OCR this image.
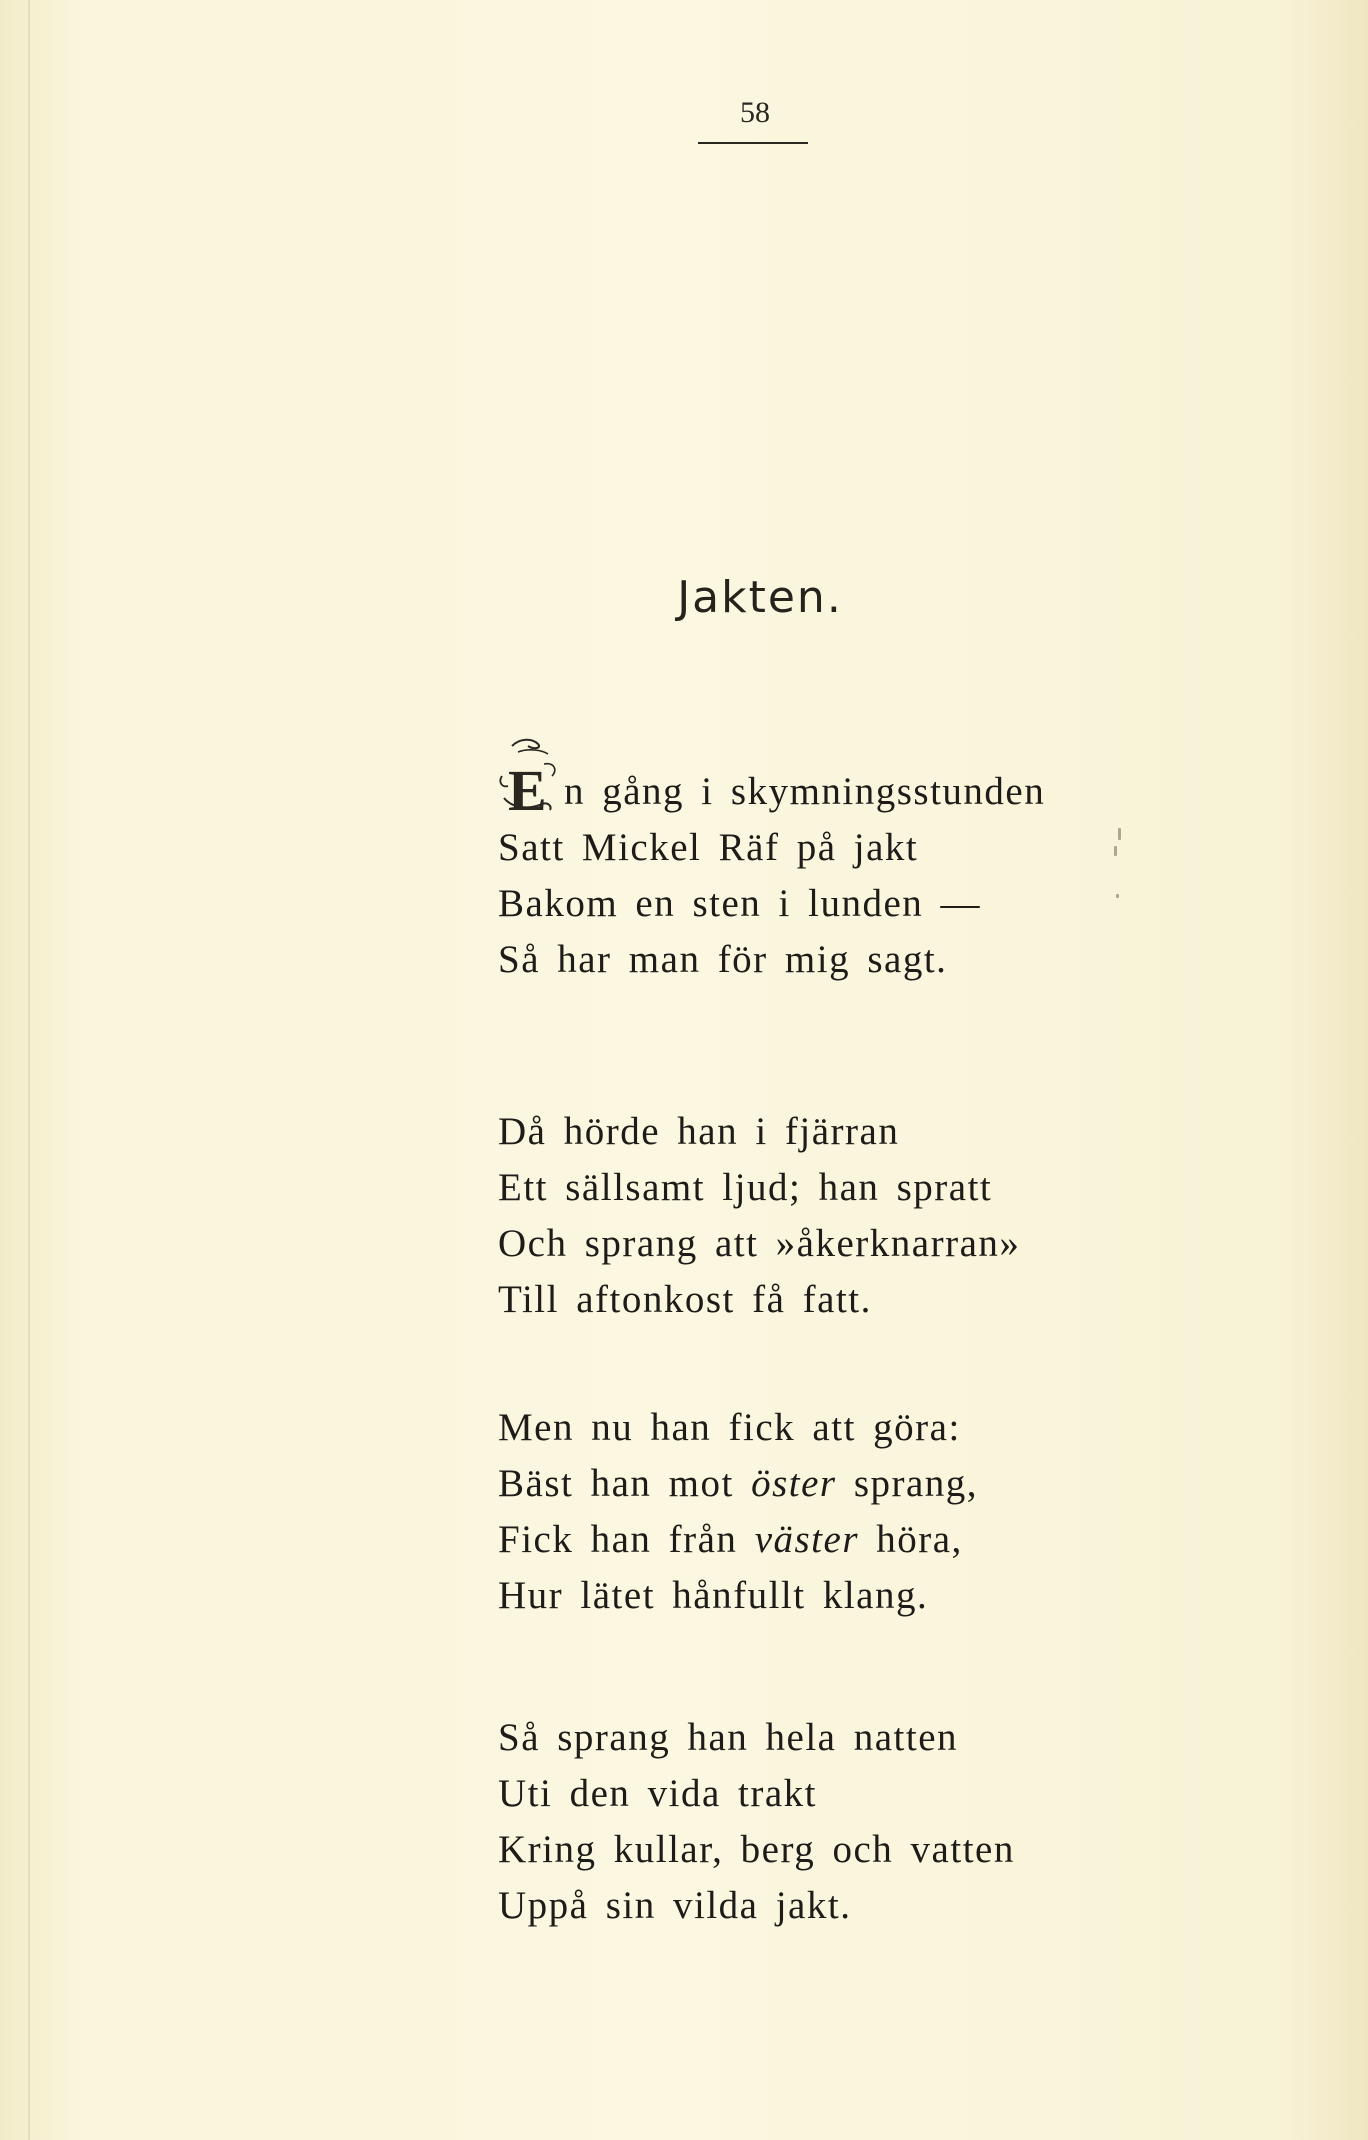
58
Jakten.
E n gång i skymningsstunden
Satt Mickel Räf på jakt
Bakom en sten i lunden —
Så har man för mig sagt.
Då hörde han i fjärran
Ett sällsamt ljud; han spratt
Och sprang att »åkerknarran»
Till aftonkost få fatt.
Men nu han fick att göra:
Bäst han mot öster sprang,
Fick han från väster höra,
Hur lätet hånfullt klang.
Så sprang han hela natten
Uti den vida trakt
Kring kullar, berg och vatten
Uppå sin vilda jakt.
